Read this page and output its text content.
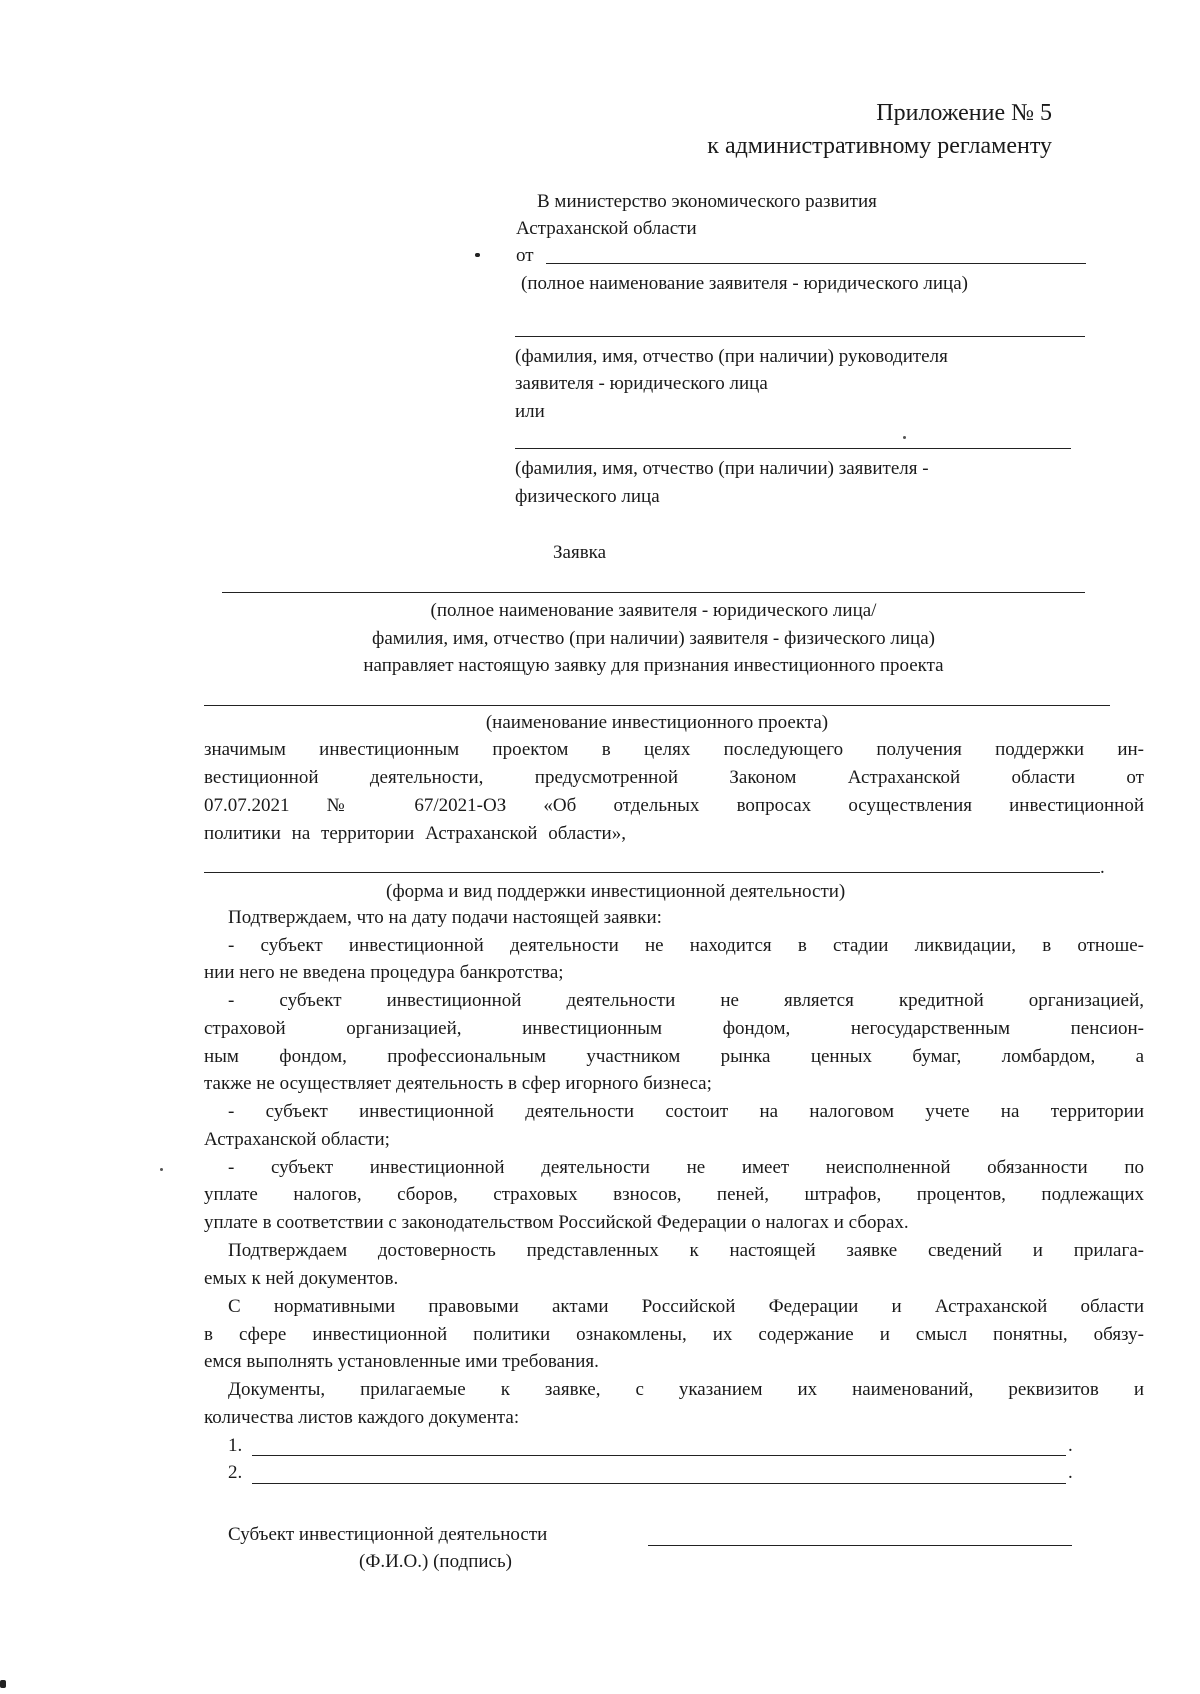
Приложение № 5
к административному регламенту
В министерство экономического развития
Астраханской области
от
(полное наименование заявителя - юридического лица)
(фамилия, имя, отчество (при наличии) руководителя
заявителя - юридического лица
или
(фамилия, имя, отчество (при наличии) заявителя -
физического лица
Заявка
(полное наименование заявителя - юридического лица/
фамилия, имя, отчество (при наличии) заявителя - физического лица)
направляет настоящую заявку для признания инвестиционного проекта
(наименование инвестиционного проекта)
значимым инвестиционным проектом в целях последующего получения поддержки ин-
вестиционной деятельности, предусмотренной Законом Астраханской области от
07.07.2021 № 67/2021-ОЗ «Об отдельных вопросах осуществления инвестиционной
политики на территории Астраханской области»,
.
(форма и вид поддержки инвестиционной деятельности)
Подтверждаем, что на дату подачи настоящей заявки:
- субъект инвестиционной деятельности не находится в стадии ликвидации, в отноше-
нии него не введена процедура банкротства;
- субъект инвестиционной деятельности не является кредитной организацией,
страховой организацией, инвестиционным фондом, негосударственным пенсион-
ным фондом, профессиональным участником рынка ценных бумаг, ломбардом, а
также не осуществляет деятельность в сфер игорного бизнеса;
- субъект инвестиционной деятельности состоит на налоговом учете на территории
Астраханской области;
- субъект инвестиционной деятельности не имеет неисполненной обязанности по
уплате налогов, сборов, страховых взносов, пеней, штрафов, процентов, подлежащих
уплате в соответствии с законодательством Российской Федерации о налогах и сборах.
Подтверждаем достоверность представленных к настоящей заявке сведений и прилага-
емых к ней документов.
С нормативными правовыми актами Российской Федерации и Астраханской области
в сфере инвестиционной политики ознакомлены, их содержание и смысл понятны, обязу-
емся выполнять установленные ими требования.
Документы, прилагаемые к заявке, с указанием их наименований, реквизитов и
количества листов каждого документа:
1.	.
2.	.
Субъект инвестиционной деятельности
(Ф.И.О.) (подпись)
